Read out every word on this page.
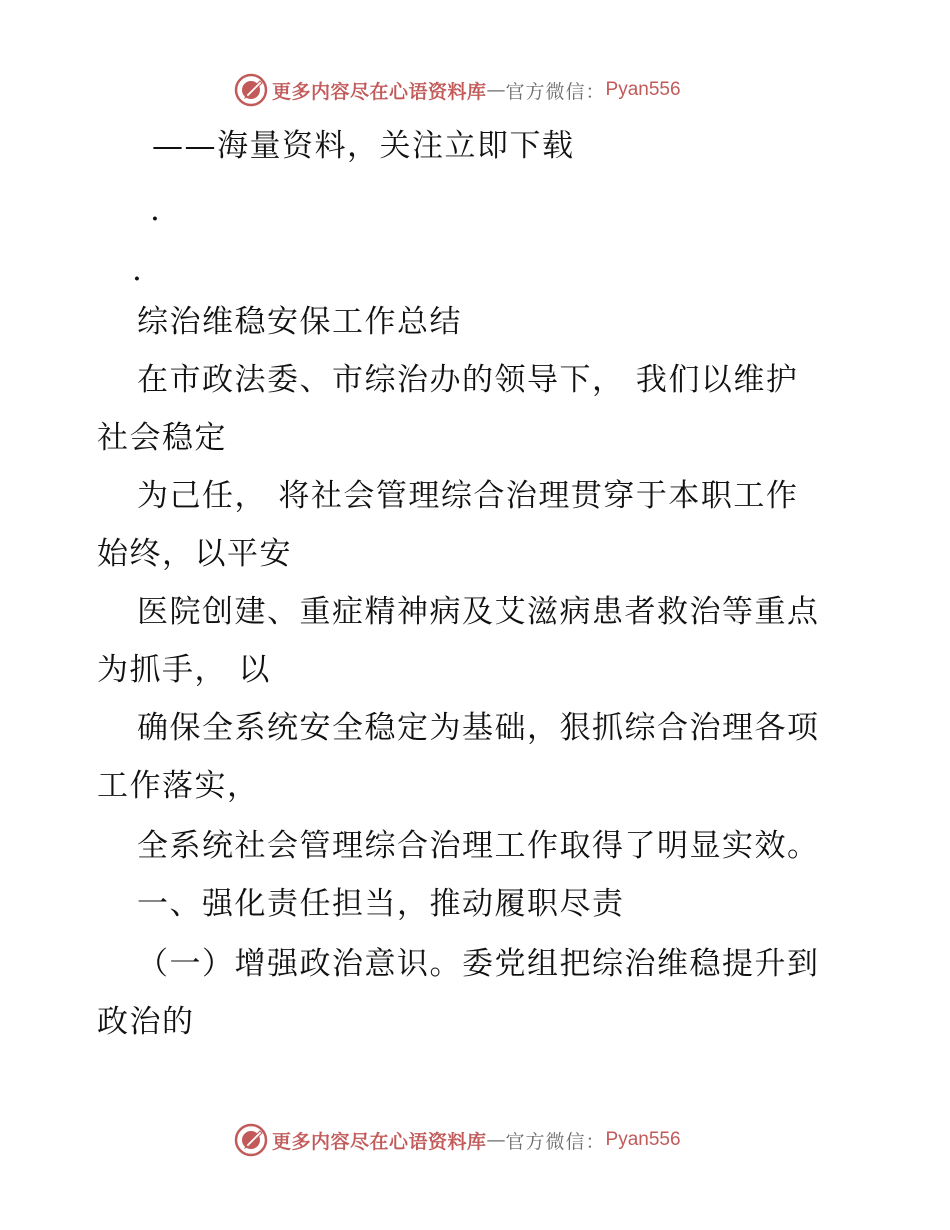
更多内容尽在心语资料库 — 官方微信： Pyan556
——海量资料，关注立即下载
.
.
综治维稳安保工作总结
在市政法委、市综治办的领导下， 我们以维护
社会稳定
为己任， 将社会管理综合治理贯穿于本职工作
始终，以平安
医院创建、重症精神病及艾滋病患者救治等重点
为抓手， 以
确保全系统安全稳定为基础，狠抓综合治理各项
工作落实，
全系统社会管理综合治理工作取得了明显实效。
一、强化责任担当，推动履职尽责
（一）增强政治意识。委党组把综治维稳提升到
政治的
更多内容尽在心语资料库 — 官方微信： Pyan556
